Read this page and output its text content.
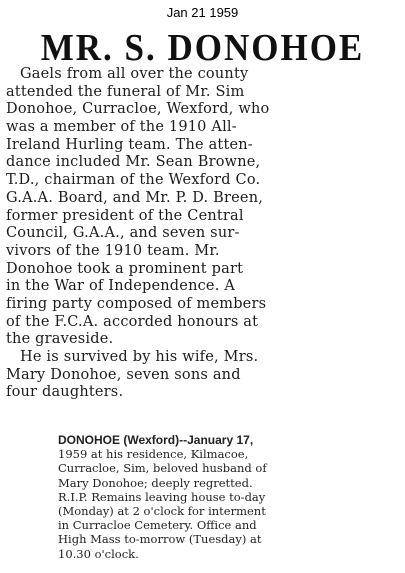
Jan 21 1959
MR. S. DONOHOE
Gaels from all over the county
attended the funeral of Mr. Sim
Donohoe, Curracloe, Wexford, who
was a member of the 1910 All-
Ireland Hurling team. The atten-
dance included Mr. Sean Browne,
T.D., chairman of the Wexford Co.
G.A.A. Board, and Mr. P. D. Breen,
former president of the Central
Council, G.A.A., and seven sur-
vivors of the 1910 team. Mr.
Donohoe took a prominent part
in the War of Independence. A
firing party composed of members
of the F.C.A. accorded honours at
the graveside.
He is survived by his wife, Mrs.
Mary Donohoe, seven sons and
four daughters.
DONOHOE (Wexford)--January 17,
1959 at his residence, Kilmacoe,
Curracloe, Sim, beloved husband of
Mary Donohoe; deeply regretted.
R.I.P. Remains leaving house to-day
(Monday) at 2 o'clock for interment
in Curracloe Cemetery. Office and
High Mass to-morrow (Tuesday) at
10.30 o'clock.
